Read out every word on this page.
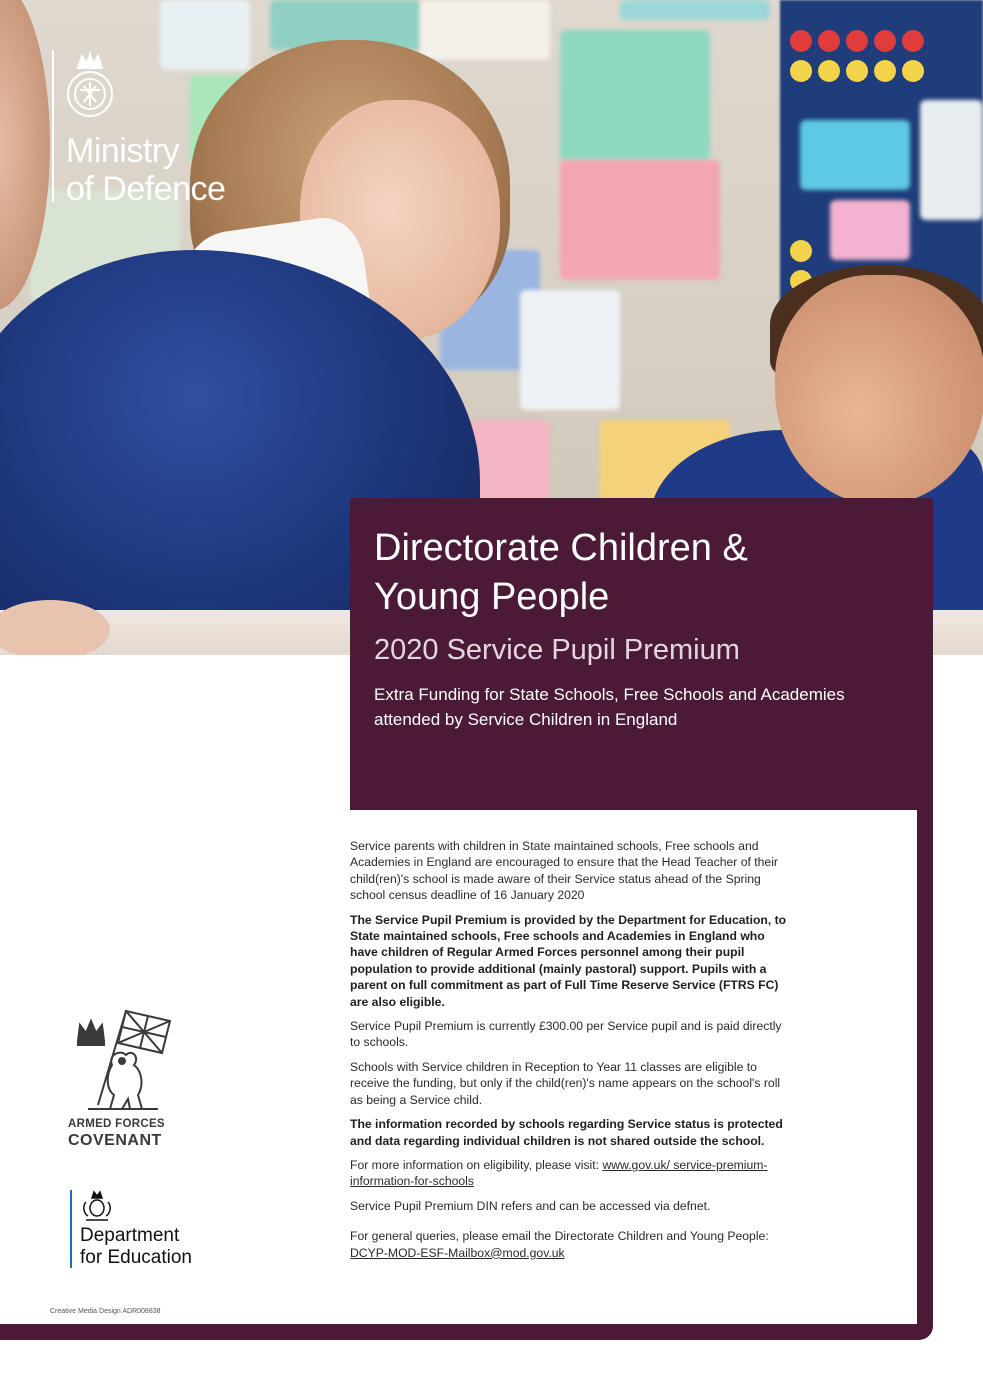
Ministry
of Defence
Directorate Children & Young People
2020 Service Pupil Premium

Extra Funding for State Schools, Free Schools and Academies attended by Service Children in England

Service parents with children in State maintained schools, Free schools and Academies in England are encouraged to ensure that the Head Teacher of their child(ren)'s school is made aware of their Service status ahead of the Spring school census deadline of 16 January 2020

The Service Pupil Premium is provided by the Department for Education, to State maintained schools, Free schools and Academies in England who have children of Regular Armed Forces personnel among their pupil population to provide additional (mainly pastoral) support. Pupils with a parent on full commitment as part of Full Time Reserve Service (FTRS FC) are also eligible.

Service Pupil Premium is currently £300.00 per Service pupil and is paid directly to schools.

Schools with Service children in Reception to Year 11 classes are eligible to receive the funding, but only if the child(ren)'s name appears on the school's roll as being a Service child.

The information recorded by schools regarding Service status is protected and data regarding individual children is not shared outside the school.

For more information on eligibility, please visit: www.gov.uk/ service-premium-information-for-schools

Service Pupil Premium DIN refers and can be accessed via defnet.

For general queries, please email the Directorate Children and Young People:
DCYP-MOD-ESF-Mailbox@mod.gov.uk

ARMED FORCES
COVENANT
Department
for Education
Creative Media Design ADR008838
